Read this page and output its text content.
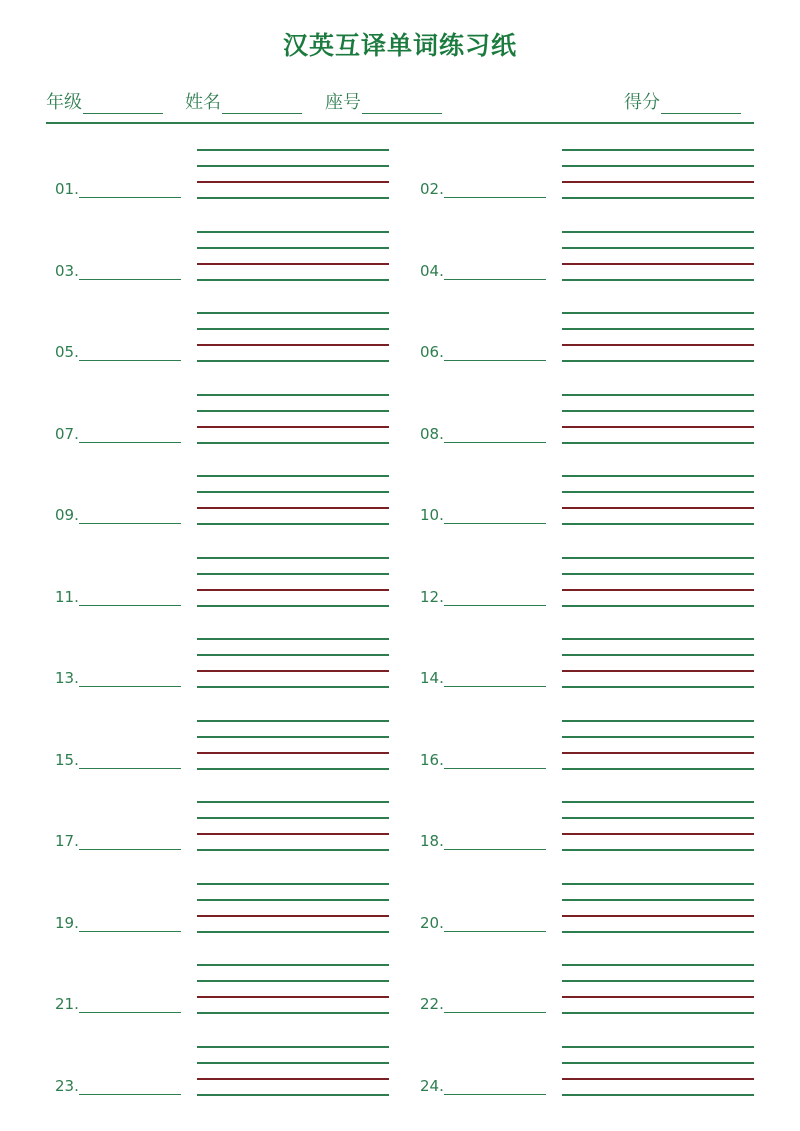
汉英互译单词练习纸
年级	姓名	座号	得分
01.	02.
03.	04.
05.	06.
07.	08.
09.	10.
11.	12.
13.	14.
15.	16.
17.	18.
19.	20.
21.	22.
23.	24.
